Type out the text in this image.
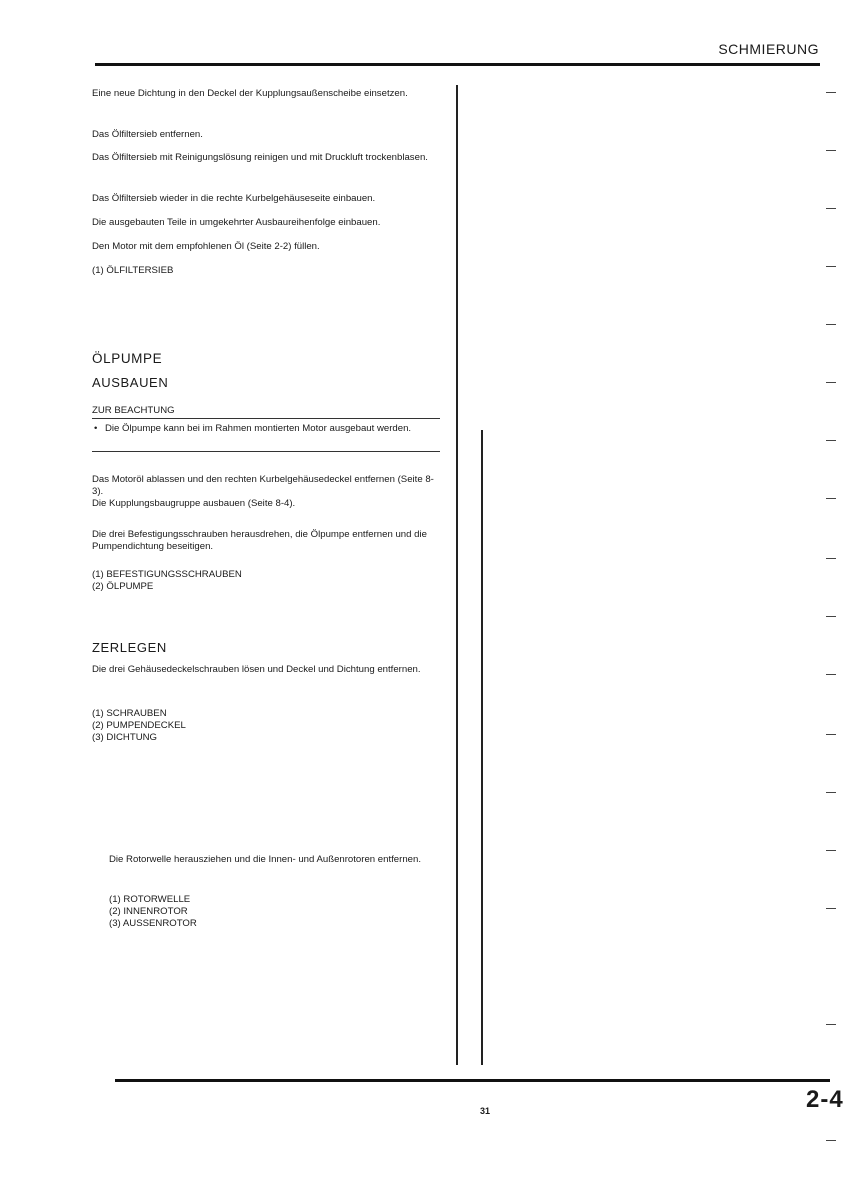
SCHMIERUNG
Eine neue Dichtung in den Deckel der Kupplungsaußenscheibe einsetzen.
Das Ölfiltersieb entfernen.
Das Ölfiltersieb mit Reinigungslösung reinigen und mit Druckluft trockenblasen.
Das Ölfiltersieb wieder in die rechte Kurbelgehäuseseite einbauen.
Die ausgebauten Teile in umgekehrter Ausbaureihenfolge einbauen.
Den Motor mit dem empfohlenen Öl (Seite 2-2) füllen.
(1) ÖLFILTERSIEB
ÖLPUMPE
AUSBAUEN
ZUR BEACHTUNG
• Die Ölpumpe kann bei im Rahmen montierten Motor ausgebaut werden.
Das Motoröl ablassen und den rechten Kurbelgehäusedeckel entfernen (Seite 8-3).
Die Kupplungsbaugruppe ausbauen (Seite 8-4).
Die drei Befestigungsschrauben herausdrehen, die Ölpumpe entfernen und die Pumpendichtung beseitigen.
(1) BEFESTIGUNGSSCHRAUBEN
(2) ÖLPUMPE
ZERLEGEN
Die drei Gehäusedeckelschrauben lösen und Deckel und Dichtung entfernen.
(1) SCHRAUBEN
(2) PUMPENDECKEL
(3) DICHTUNG
Die Rotorwelle herausziehen und die Innen- und Außenrotoren entfernen.
(1) ROTORWELLE
(2) INNENROTOR
(3) AUSSENROTOR
2-4
31
